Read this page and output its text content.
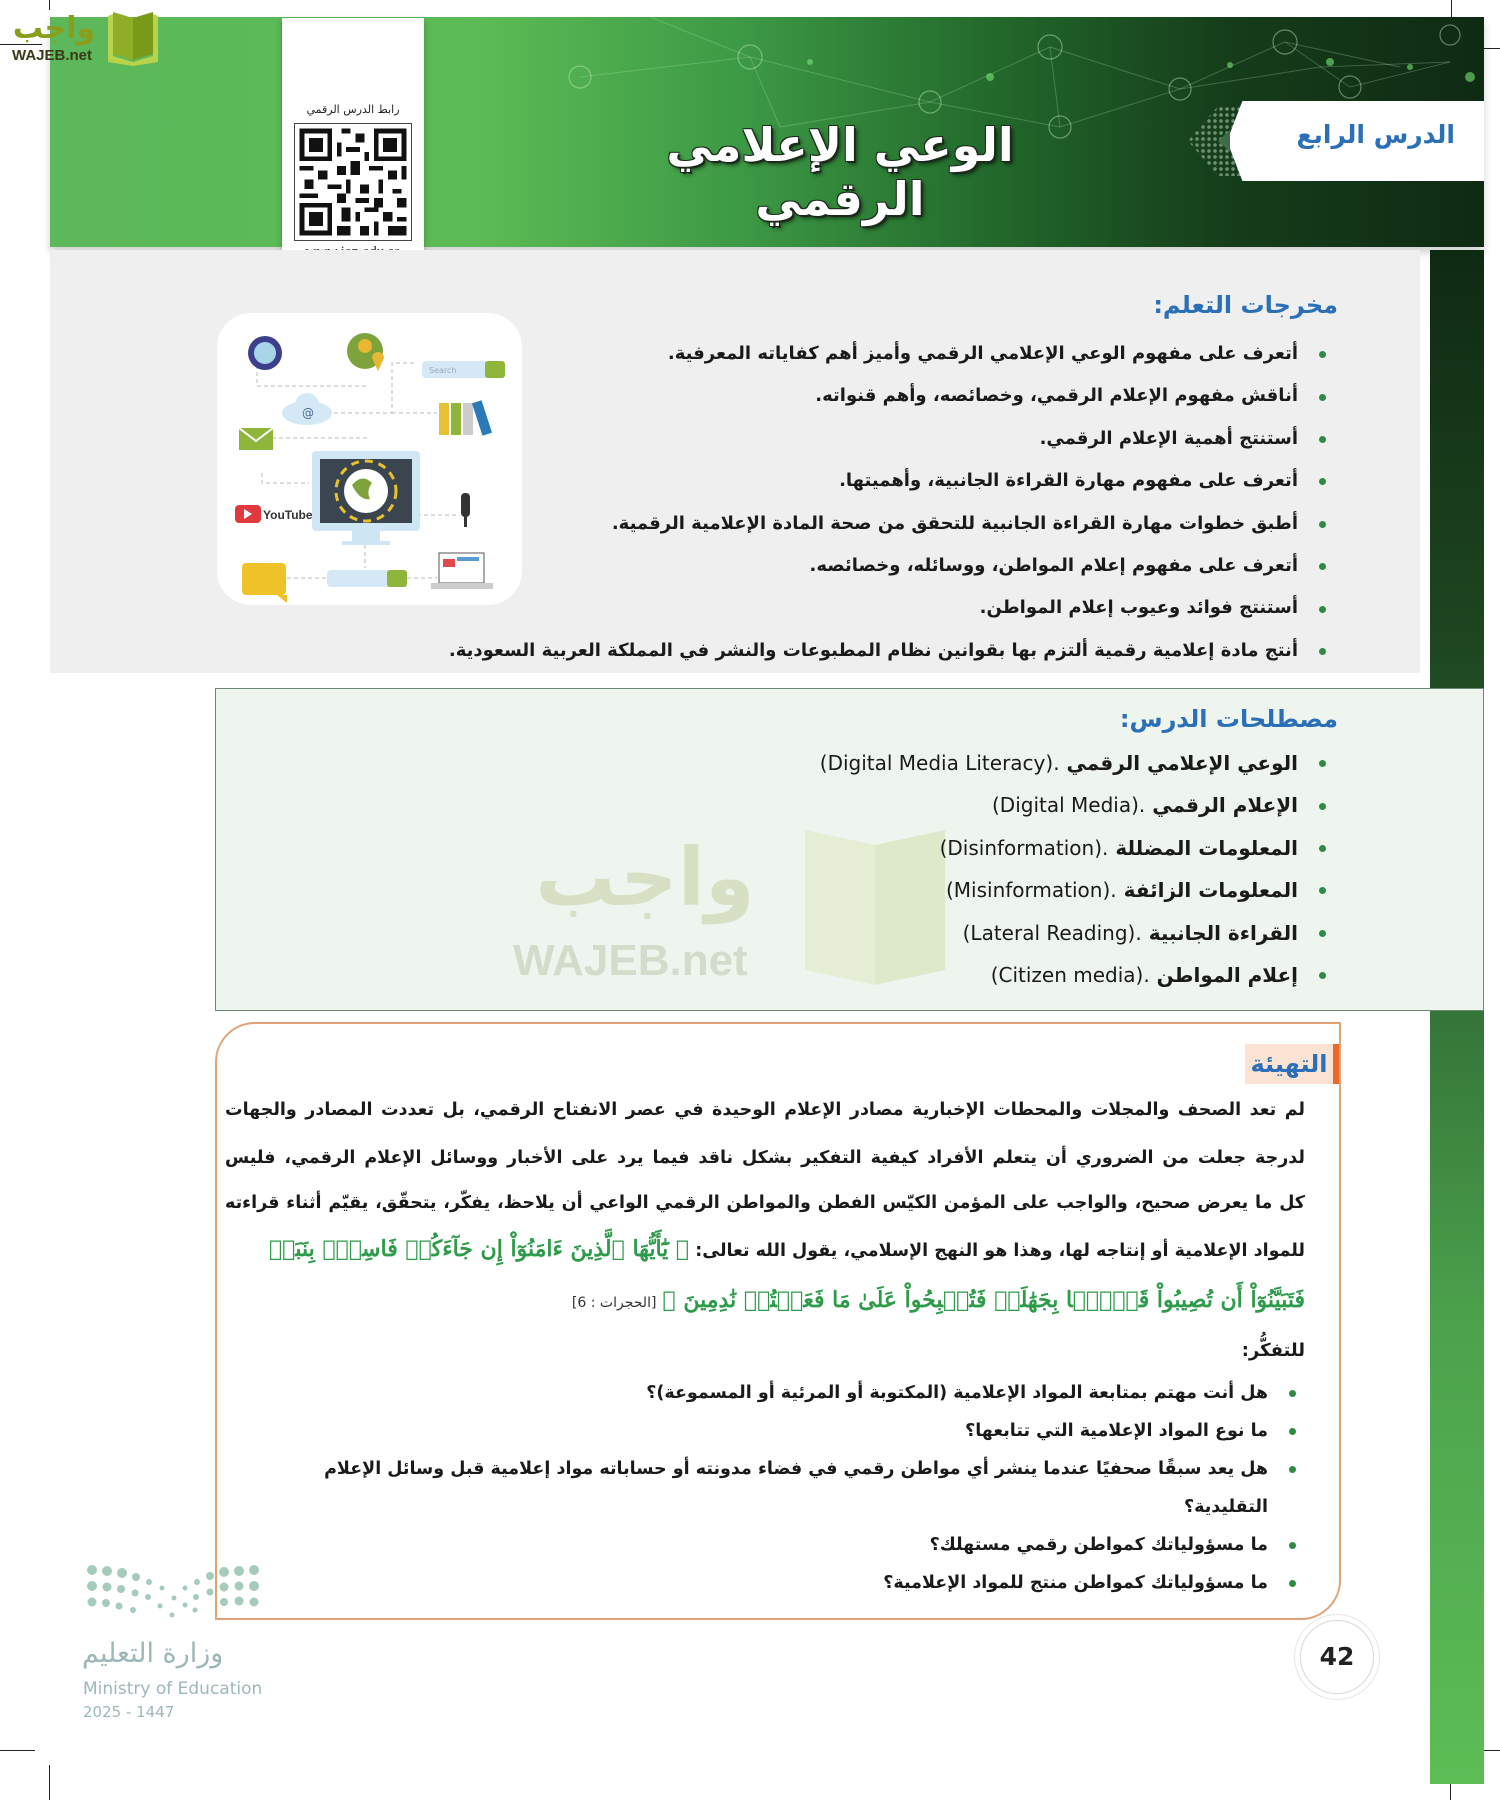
الدرس الرابع
الوعي الإعلامي الرقمي
رابط الدرس الرقمي
واجب
WAJEB.net
مخرجات التعلم:
أتعرف على مفهوم الوعي الإعلامي الرقمي وأميز أهم كفاياته المعرفية.
أناقش مفهوم الإعلام الرقمي، وخصائصه، وأهم قنواته.
أستنتج أهمية الإعلام الرقمي.
أتعرف على مفهوم مهارة القراءة الجانبية، وأهميتها.
أطبق خطوات مهارة القراءة الجانبية للتحقق من صحة المادة الإعلامية الرقمية.
أتعرف على مفهوم إعلام المواطن، ووسائله، وخصائصه.
أستنتج فوائد وعيوب إعلام المواطن.
أنتج مادة إعلامية رقمية ألتزم بها بقوانين نظام المطبوعات والنشر في المملكة العربية السعودية.
Search
@
YouTube
واجب
WAJEB.net
مصطلحات الدرس:
الوعي الإعلامي الرقمي (Digital Media Literacy).
الإعلام الرقمي (Digital Media).
المعلومات المضللة (Disinformation).
المعلومات الزائفة (Misinformation).
القراءة الجانبية (Lateral Reading).
إعلام المواطن (Citizen media).
التهيئة
لم تعد الصحف والمجلات والمحطات الإخبارية مصادر الإعلام الوحيدة في عصر الانفتاح الرقمي، بل تعددت المصادر والجهات
لدرجة جعلت من الضروري أن يتعلم الأفراد كيفية التفكير بشكل ناقد فيما يرد على الأخبار ووسائل الإعلام الرقمي، فليس
كل ما يعرض صحيح، والواجب على المؤمن الكيّس الفطن والمواطن الرقمي الواعي أن يلاحظ، يفكّر، يتحقّق، يقيّم أثناء قراءته
للمواد الإعلامية أو إنتاجه لها، وهذا هو النهج الإسلامي، يقول الله تعالى: ﴿ يَٰٓأَيُّهَا ٱلَّذِينَ ءَامَنُوٓاْ إِن جَآءَكُمۡ فَاسِقُۢ بِنَبَإٖ
فَتَبَيَّنُوٓاْ أَن تُصِيبُواْ قَوۡمَۢا بِجَهَٰلَةٖ فَتُصۡبِحُواْ عَلَىٰ مَا فَعَلۡتُمۡ نَٰدِمِينَ ﴾ [الحجرات : 6]
للتفكُّر:
هل أنت مهتم بمتابعة المواد الإعلامية (المكتوبة أو المرئية أو المسموعة)؟
ما نوع المواد الإعلامية التي تتابعها؟
هل يعد سبقًا صحفيًا عندما ينشر أي مواطن رقمي في فضاء مدونته أو حساباته مواد إعلامية قبل وسائل الإعلام التقليدية؟
ما مسؤولياتك كمواطن رقمي مستهلك؟
ما مسؤولياتك كمواطن منتج للمواد الإعلامية؟
وزارة التعليم
Ministry of Education
2025 - 1447
42
